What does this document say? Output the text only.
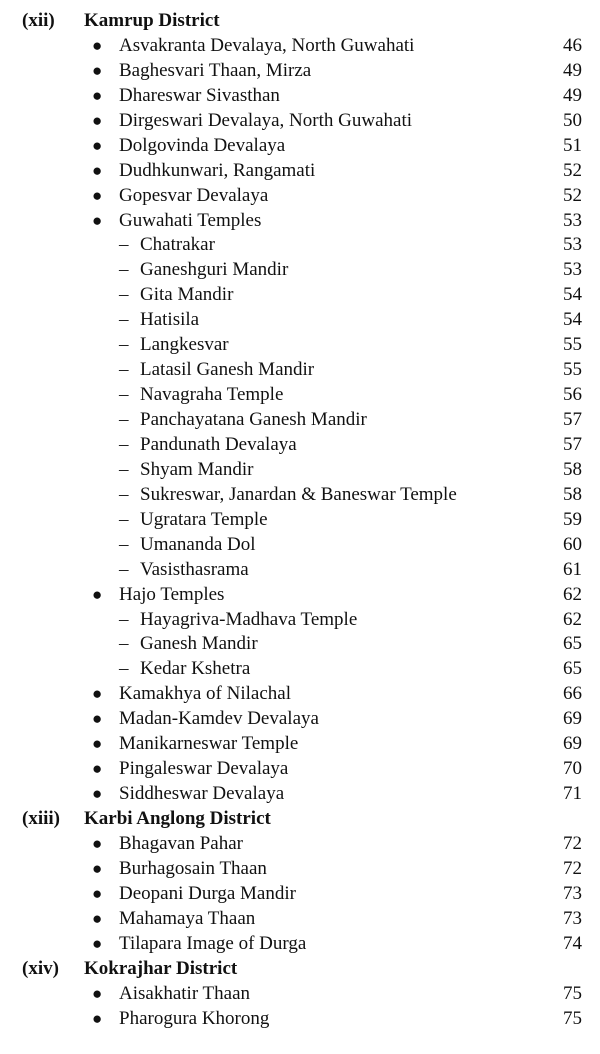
(xii) Kamrup District
● Asvakranta Devalaya, North Guwahati	46
● Baghesvari Thaan, Mirza	49
● Dhareswar Sivasthan	49
● Dirgeswari Devalaya, North Guwahati	50
● Dolgovinda Devalaya	51
● Dudhkunwari, Rangamati	52
● Gopesvar Devalaya	52
● Guwahati Temples	53
– Chatrakar	53
– Ganeshguri Mandir	53
– Gita Mandir	54
– Hatisila	54
– Langkesvar	55
– Latasil Ganesh Mandir	55
– Navagraha Temple	56
– Panchayatana Ganesh Mandir	57
– Pandunath Devalaya	57
– Shyam Mandir	58
– Sukreswar, Janardan & Baneswar Temple	58
– Ugratara Temple	59
– Umananda Dol	60
– Vasisthasrama	61
● Hajo Temples	62
– Hayagriva-Madhava Temple	62
– Ganesh Mandir	65
– Kedar Kshetra	65
● Kamakhya of Nilachal	66
● Madan-Kamdev Devalaya	69
● Manikarneswar Temple	69
● Pingaleswar Devalaya	70
● Siddheswar Devalaya	71
(xiii) Karbi Anglong District
● Bhagavan Pahar	72
● Burhagosain Thaan	72
● Deopani Durga Mandir	73
● Mahamaya Thaan	73
● Tilapara Image of Durga	74
(xiv) Kokrajhar District
● Aisakhatir Thaan	75
● Pharogura Khorong	75
